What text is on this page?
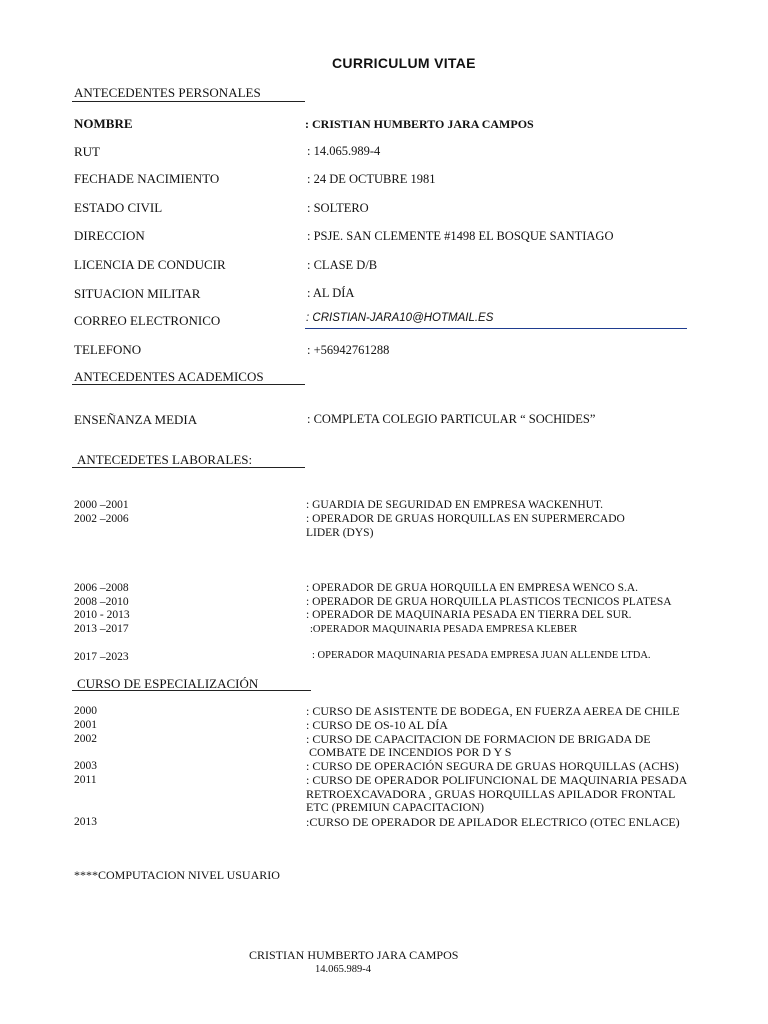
CURRICULUM VITAE
ANTECEDENTES PERSONALES
NOMBRE	: CRISTIAN HUMBERTO JARA CAMPOS
RUT	: 14.065.989-4
FECHADE NACIMIENTO	: 24 DE OCTUBRE 1981
ESTADO CIVIL	: SOLTERO
DIRECCION	: PSJE. SAN CLEMENTE #1498 EL BOSQUE SANTIAGO
LICENCIA DE CONDUCIR	: CLASE D/B
SITUACION MILITAR	: AL DÍA
CORREO ELECTRONICO	: CRISTIAN-JARA10@HOTMAIL.ES
TELEFONO	: +56942761288
ANTECEDENTES ACADEMICOS
ENSEÑANZA MEDIA	: COMPLETA COLEGIO PARTICULAR “ SOCHIDES”
ANTECEDETES LABORALES:
2000 –2001	: GUARDIA DE SEGURIDAD EN EMPRESA WACKENHUT.
2002 –2006	: OPERADOR DE GRUAS HORQUILLAS EN SUPERMERCADO
LIDER (DYS)
2006 –2008	: OPERADOR DE GRUA HORQUILLA EN EMPRESA WENCO S.A.
2008 –2010	: OPERADOR DE GRUA HORQUILLA PLASTICOS TECNICOS PLATESA
2010 - 2013	: OPERADOR DE MAQUINARIA PESADA EN TIERRA DEL SUR.
2013 –2017	:OPERADOR MAQUINARIA PESADA EMPRESA KLEBER
2017 –2023	: OPERADOR MAQUINARIA PESADA EMPRESA JUAN ALLENDE LTDA.
CURSO DE ESPECIALIZACIÓN
2000	: CURSO DE ASISTENTE DE BODEGA, EN FUERZA AEREA DE CHILE
2001	: CURSO DE OS-10 AL DÍA
2002	: CURSO DE CAPACITACION DE FORMACION DE BRIGADA DE
COMBATE DE INCENDIOS POR D Y S
2003	: CURSO DE OPERACIÓN SEGURA DE GRUAS HORQUILLAS (ACHS)
2011	: CURSO DE OPERADOR POLIFUNCIONAL DE MAQUINARIA PESADA
RETROEXCAVADORA , GRUAS HORQUILLAS APILADOR FRONTAL
ETC (PREMIUN CAPACITACION)
2013	:CURSO DE OPERADOR DE APILADOR ELECTRICO (OTEC ENLACE)
****COMPUTACION NIVEL USUARIO
CRISTIAN HUMBERTO JARA CAMPOS
14.065.989-4
